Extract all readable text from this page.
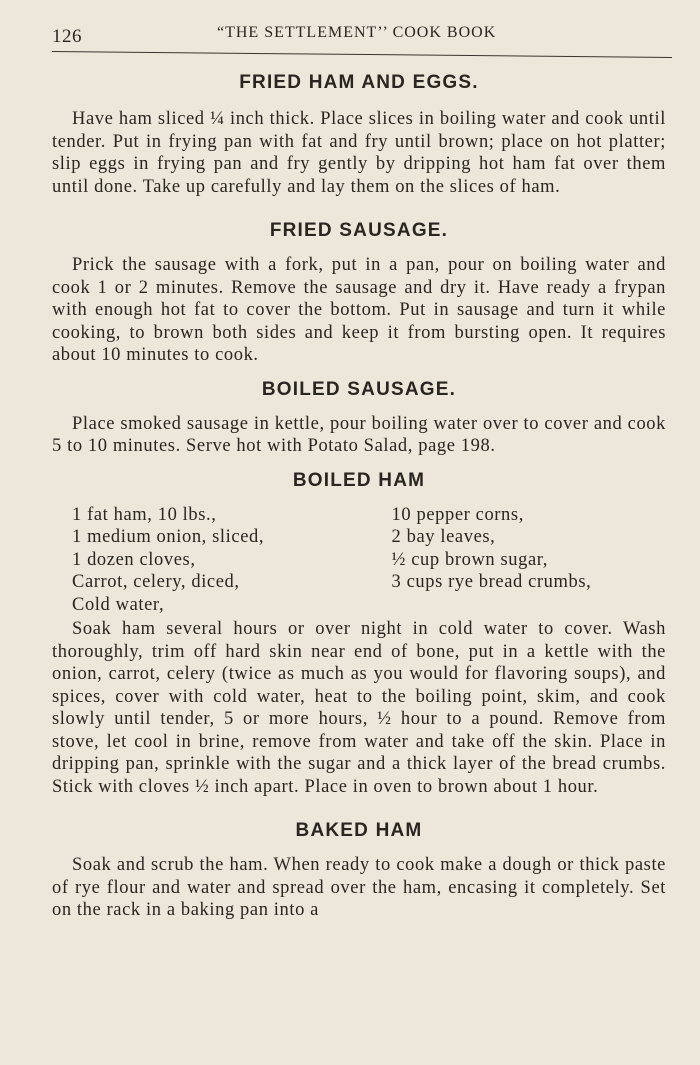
126	“THE SETTLEMENT’’ COOK BOOK
FRIED HAM AND EGGS.

Have ham sliced ¼ inch thick. Place slices in boiling water and cook until tender. Put in frying pan with fat and fry until brown; place on hot platter; slip eggs in frying pan and fry gently by dripping hot ham fat over them until done. Take up carefully and lay them on the slices of ham.

FRIED SAUSAGE.

Prick the sausage with a fork, put in a pan, pour on boiling water and cook 1 or 2 minutes. Remove the sausage and dry it. Have ready a frypan with enough hot fat to cover the bottom. Put in sausage and turn it while cooking, to brown both sides and keep it from bursting open. It requires about 10 minutes to cook.

BOILED SAUSAGE.

Place smoked sausage in kettle, pour boiling water over to cover and cook 5 to 10 minutes. Serve hot with Potato Salad, page 198.

BOILED HAM
1 fat ham, 10 lbs.,
1 medium onion, sliced,
1 dozen cloves,
Carrot, celery, diced,
Cold water,
10 pepper corns,
2 bay leaves,
½ cup brown sugar,
3 cups rye bread crumbs,

Soak ham several hours or over night in cold water to cover. Wash thoroughly, trim off hard skin near end of bone, put in a kettle with the onion, carrot, celery (twice as much as you would for flavoring soups), and spices, cover with cold water, heat to the boiling point, skim, and cook slowly until tender, 5 or more hours, ½ hour to a pound. Remove from stove, let cool in brine, remove from water and take off the skin. Place in dripping pan, sprinkle with the sugar and a thick layer of the bread crumbs. Stick with cloves ½ inch apart. Place in oven to brown about 1 hour.

BAKED HAM

Soak and scrub the ham. When ready to cook make a dough or thick paste of rye flour and water and spread over the ham, encasing it completely. Set on the rack in a baking pan into a
